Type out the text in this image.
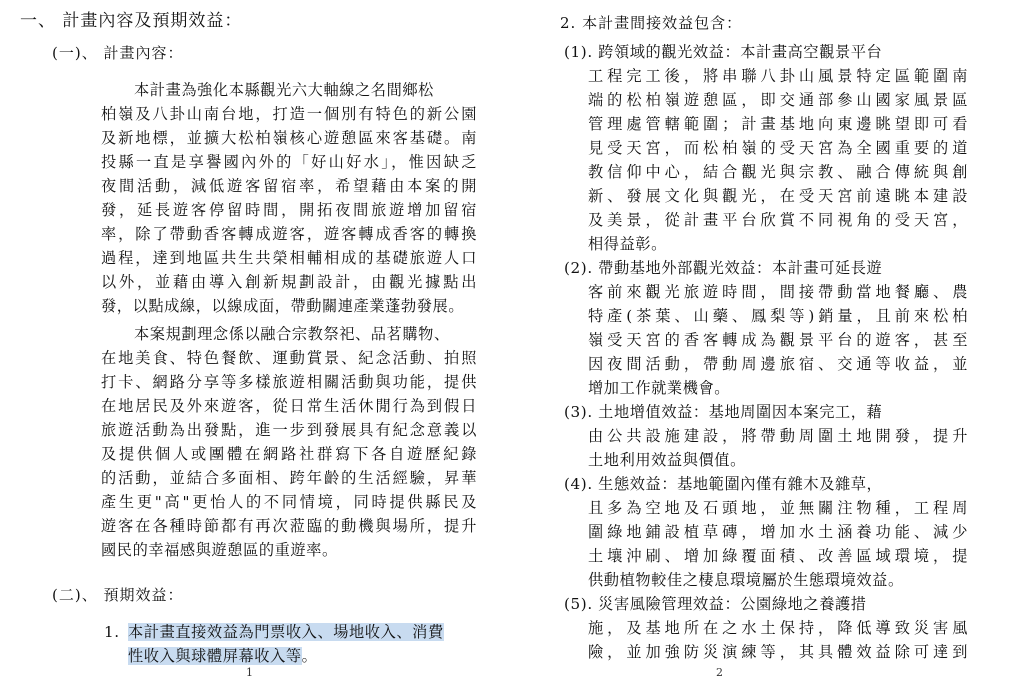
一、 計畫內容及預期效益：
(一)、 計畫內容：
本計畫為強化本縣觀光六大軸線之名間鄉松
柏嶺及八卦山南台地，打造一個別有特色的新公園
及新地標，並擴大松柏嶺核心遊憩區來客基礎。南
投縣一直是享譽國內外的「好山好水」，惟因缺乏
夜間活動，減低遊客留宿率，希望藉由本案的開
發，延長遊客停留時間，開拓夜間旅遊增加留宿
率，除了帶動香客轉成遊客，遊客轉成香客的轉換
過程，達到地區共生共榮相輔相成的基礎旅遊人口
以外，並藉由導入創新規劃設計，由觀光據點出
發，以點成線，以線成面，帶動關連產業蓬勃發展。
本案規劃理念係以融合宗教祭祀、品茗購物、
在地美食、特色餐飲、運動賞景、紀念活動、拍照
打卡、網路分享等多樣旅遊相關活動與功能，提供
在地居民及外來遊客，從日常生活休閒行為到假日
旅遊活動為出發點，進一步到發展具有紀念意義以
及提供個人或團體在網路社群寫下各自遊歷紀錄
的活動，並結合多面相、跨年齡的生活經驗，昇華
產生更"高"更怡人的不同情境，同時提供縣民及
遊客在各種時節都有再次蒞臨的動機與場所，提升
國民的幸福感與遊憩區的重遊率。
(二)、 預期效益：
1. 本計畫直接效益為門票收入、場地收入、消費
性收入與球體屏幕收入等。
1
2. 本計畫間接效益包含：
(1). 跨領域的觀光效益：本計畫高空觀景平台
工程完工後，將串聯八卦山風景特定區範圍南
端的松柏嶺遊憩區，即交通部參山國家風景區
管理處管轄範圍；計畫基地向東邊眺望即可看
見受天宮，而松柏嶺的受天宮為全國重要的道
教信仰中心，結合觀光與宗教、融合傳統與創
新、發展文化與觀光，在受天宮前遠眺本建設
及美景，從計畫平台欣賞不同視角的受天宮，
相得益彰。
(2). 帶動基地外部觀光效益：本計畫可延長遊
客前來觀光旅遊時間，間接帶動當地餐廳、農
特產(茶葉、山藥、鳳梨等)銷量，且前來松柏
嶺受天宮的香客轉成為觀景平台的遊客，甚至
因夜間活動，帶動周邊旅宿、交通等收益，並
增加工作就業機會。
(3). 土地增值效益：基地周圍因本案完工，藉
由公共設施建設，將帶動周圍土地開發，提升
土地利用效益與價值。
(4). 生態效益：基地範圍內僅有雜木及雜草，
且多為空地及石頭地，並無關注物種，工程周
圍綠地鋪設植草磚，增加水土涵養功能、減少
土壤沖刷、增加綠覆面積、改善區域環境，提
供動植物較佳之棲息環境屬於生態環境效益。
(5). 災害風險管理效益：公園綠地之養護措
施，及基地所在之水土保持，降低導致災害風
險，並加強防災演練等，其具體效益除可達到
2
